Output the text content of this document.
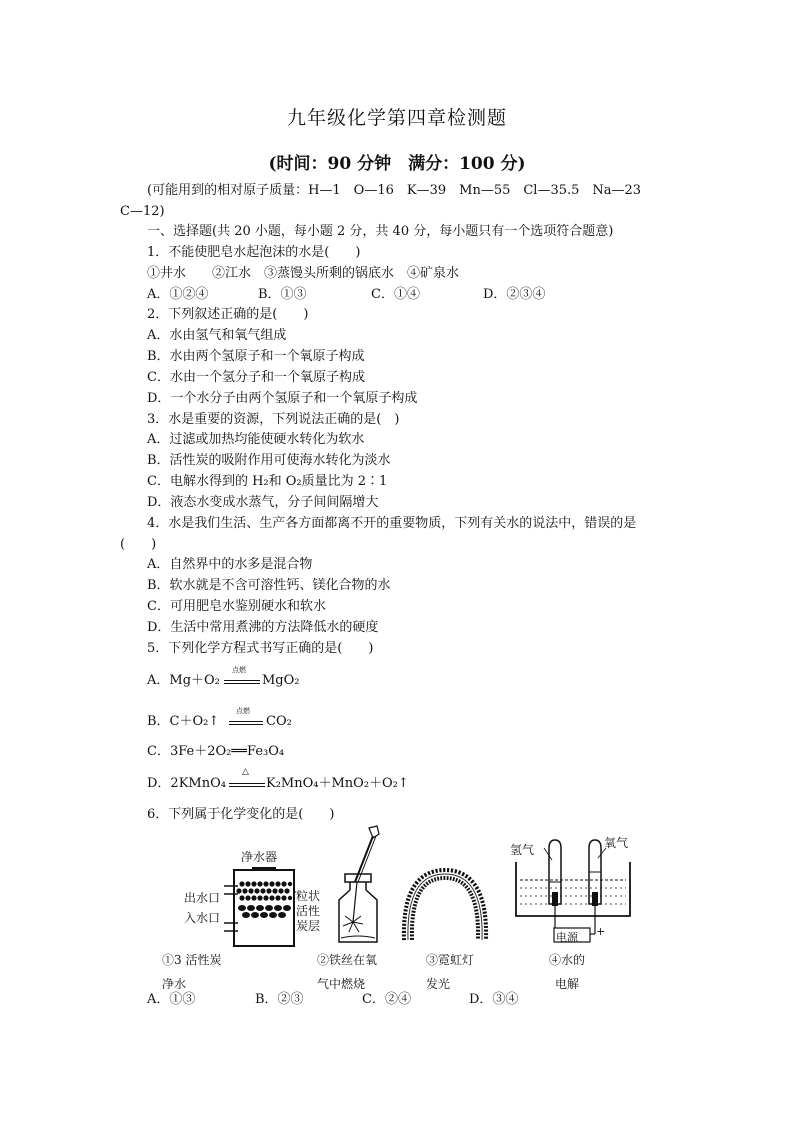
九年级化学第四章检测题
(时间：90 分钟　满分：100 分)
(可能用到的相对原子质量：H—1　O—16　K—39　Mn—55　Cl—35.5　Na—23
C—12)
一、选择题(共 20 小题，每小题 2 分，共 40 分，每小题只有一个选项符合题意)
1．不能使肥皂水起泡沫的水是(　　)
①井水　　②江水　③蒸馒头所剩的锅底水　④矿泉水
A．①②④	B．①③	C．①④	D．②③④
2．下列叙述正确的是(　　)
A．水由氢气和氧气组成
B．水由两个氢原子和一个氧原子构成
C．水由一个氢分子和一个氧原子构成
D．一个水分子由两个氢原子和一个氧原子构成
3．水是重要的资源，下列说法正确的是(　)
A．过滤或加热均能使硬水转化为软水
B．活性炭的吸附作用可使海水转化为淡水
C．电解水得到的 H₂和 O₂质量比为 2∶1
D．液态水变成水蒸气，分子间间隔增大
4．水是我们生活、生产各方面都离不开的重要物质，下列有关水的说法中，错误的是
(　　)
A．自然界中的水多是混合物
B．软水就是不含可溶性钙、镁化合物的水
C．可用肥皂水鉴别硬水和软水
D．生活中常用煮沸的方法降低水的硬度
5．下列化学方程式书写正确的是(　　)
A．Mg＋O₂
点燃
MgO₂
B．C＋O₂↑
点燃
CO₂
C．3Fe＋2O₂══Fe₃O₄
D．2KMnO₄
△
K₂MnO₄＋MnO₂＋O₂↑
6．下列属于化学变化的是(　　)
净水器
出水口
入水口
粒状
活性
炭层
氢气	氧气
电源 +
①3 活性炭
净水
②铁丝在氧
气中燃烧
③霓虹灯
发光
④水的
电解
A．①③	B．②③	C．②④	D．③④
